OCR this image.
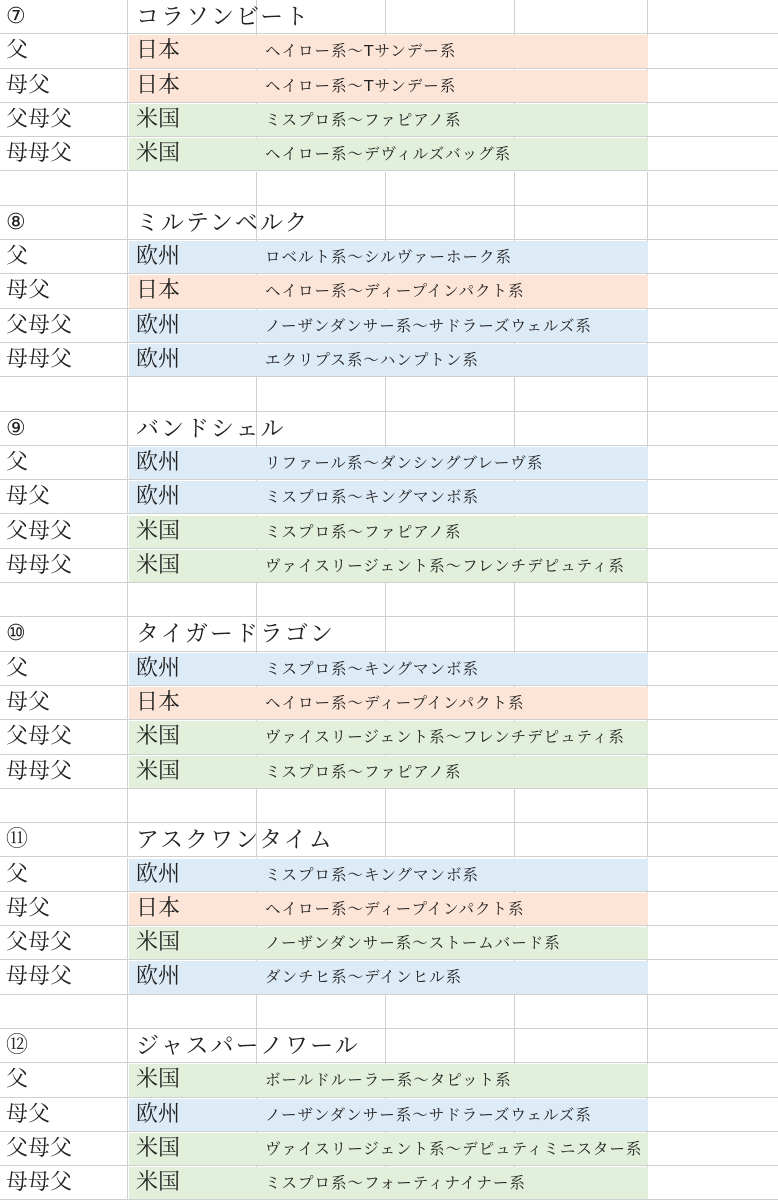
⑦	コラソンビート
父	日本	ヘイロー系〜Tサンデー系
母父	日本	ヘイロー系〜Tサンデー系
父母父	米国	ミスプロ系〜ファピアノ系
母母父	米国	ヘイロー系〜デヴィルズバッグ系
⑧	ミルテンベルク
父	欧州	ロベルト系〜シルヴァーホーク系
母父	日本	ヘイロー系〜ディープインパクト系
父母父	欧州	ノーザンダンサー系〜サドラーズウェルズ系
母母父	欧州	エクリプス系〜ハンプトン系
⑨	バンドシェル
父	欧州	リファール系〜ダンシングブレーヴ系
母父	欧州	ミスプロ系〜キングマンボ系
父母父	米国	ミスプロ系〜ファピアノ系
母母父	米国	ヴァイスリージェント系〜フレンチデピュティ系
⑩	タイガードラゴン
父	欧州	ミスプロ系〜キングマンボ系
母父	日本	ヘイロー系〜ディープインパクト系
父母父	米国	ヴァイスリージェント系〜フレンチデピュティ系
母母父	米国	ミスプロ系〜ファピアノ系
⑪	アスクワンタイム
父	欧州	ミスプロ系〜キングマンボ系
母父	日本	ヘイロー系〜ディープインパクト系
父母父	米国	ノーザンダンサー系〜ストームバード系
母母父	欧州	ダンチヒ系〜デインヒル系
⑫	ジャスパーノワール
父	米国	ボールドルーラー系〜タピット系
母父	欧州	ノーザンダンサー系〜サドラーズウェルズ系
父母父	米国	ヴァイスリージェント系〜デピュティミニスター系
母母父	米国	ミスプロ系〜フォーティナイナー系
